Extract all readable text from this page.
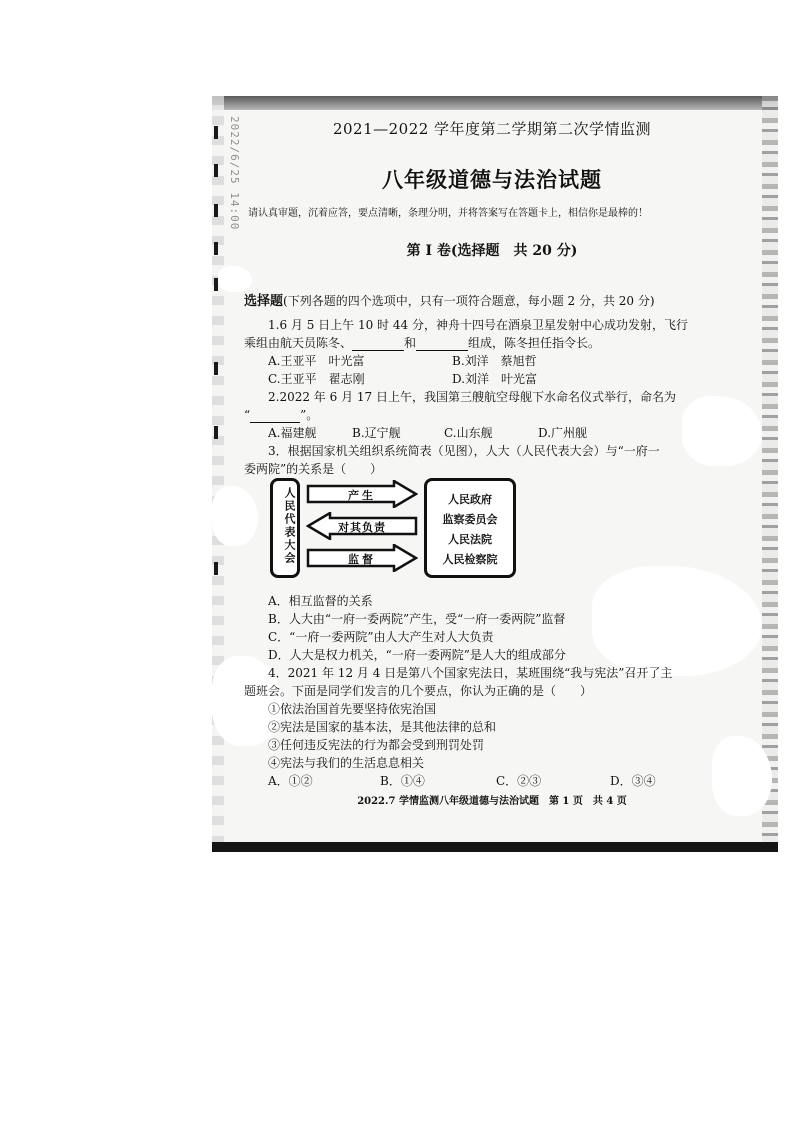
2022/6/25 14:00	2021—2022 学年度第二学期第二次学情监测
八年级道德与法治试题
请认真审题，沉着应答，要点清晰，条理分明，并将答案写在答题卡上，相信你是最棒的！
第 Ⅰ 卷(选择题　共 20 分)
选择题(下列各题的四个选项中，只有一项符合题意，每小题 2 分，共 20 分)
1.6 月 5 日上午 10 时 44 分，神舟十四号在酒泉卫星发射中心成功发射，飞行
乘组由航天员陈冬、	和	组成，陈冬担任指令长。
A.王亚平　叶光富	B.刘洋　蔡旭哲
C.王亚平　翟志刚	D.刘洋　叶光富
2.2022 年 6 月 17 日上午，我国第三艘航空母舰下水命名仪式举行，命名为
“	”。
A.福建舰	B.辽宁舰	C.山东舰	D.广州舰
3．根据国家机关组织系统简表（见图），人大（人民代表大会）与“一府一
委两院”的关系是（　　）
人民代表大会	产生
对其负责
监督
人民政府
监察委员会
人民法院
人民检察院
A．相互监督的关系
B．人大由“一府一委两院”产生，受“一府一委两院”监督
C．“一府一委两院”由人大产生对人大负责
D．人大是权力机关，“一府一委两院”是人大的组成部分
4．2021 年 12 月 4 日是第八个国家宪法日，某班围绕“我与宪法”召开了主
题班会。下面是同学们发言的几个要点，你认为正确的是（　　）
①依法治国首先要坚持依宪治国
②宪法是国家的基本法，是其他法律的总和
③任何违反宪法的行为都会受到刑罚处罚
④宪法与我们的生活息息相关
A．①②	B．①④	C．②③	D．③④
2022.7 学情监测八年级道德与法治试题　第 1 页　共 4 页
